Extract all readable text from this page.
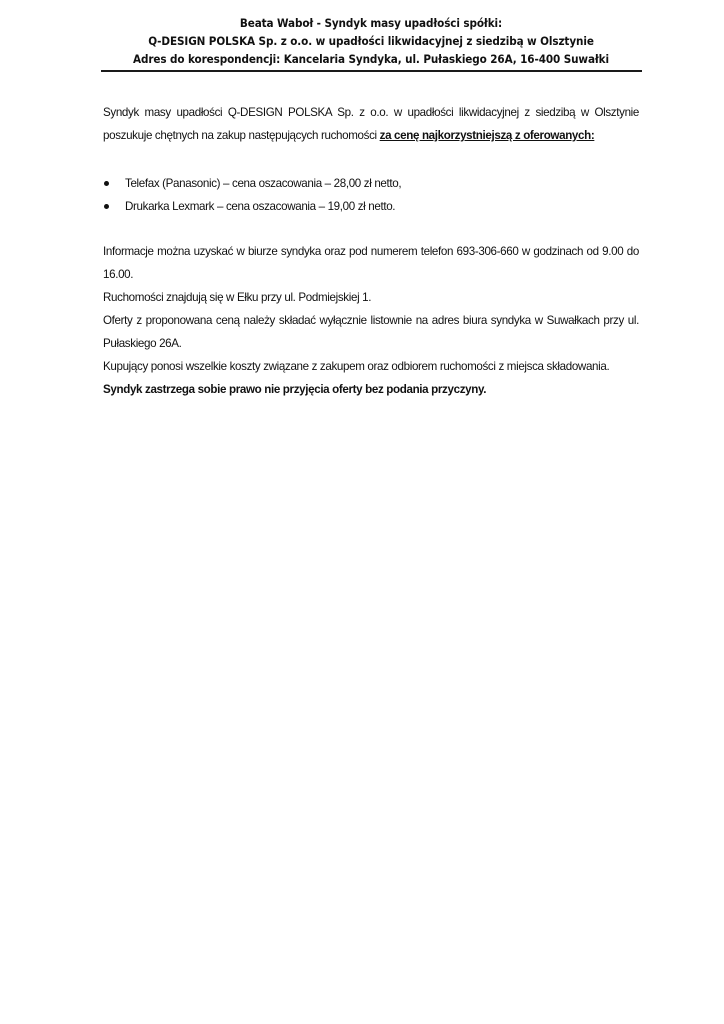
Beata Waboł - Syndyk masy upadłości spółki:
Q-DESIGN POLSKA Sp. z o.o. w upadłości likwidacyjnej z siedzibą w Olsztynie
Adres do korespondencji: Kancelaria Syndyka, ul. Pułaskiego 26A, 16-400 Suwałki
Syndyk masy upadłości Q-DESIGN POLSKA Sp. z o.o. w upadłości likwidacyjnej z siedzibą w Olsztynie poszukuje chętnych na zakup następujących ruchomości za cenę najkorzystniejszą z oferowanych:
Telefax (Panasonic) – cena oszacowania – 28,00 zł netto,
Drukarka Lexmark – cena oszacowania – 19,00 zł netto.

Informacje można uzyskać w biurze syndyka oraz pod numerem telefon 693-306-660 w godzinach od 9.00 do 16.00.

Ruchomości znajdują się w Ełku przy ul. Podmiejskiej 1.

Oferty z proponowana ceną należy składać wyłącznie listownie na adres biura syndyka w Suwałkach przy ul. Pułaskiego 26A.

Kupujący ponosi wszelkie koszty związane z zakupem oraz odbiorem ruchomości z miejsca składowania.

Syndyk zastrzega sobie prawo nie przyjęcia oferty bez podania przyczyny.
